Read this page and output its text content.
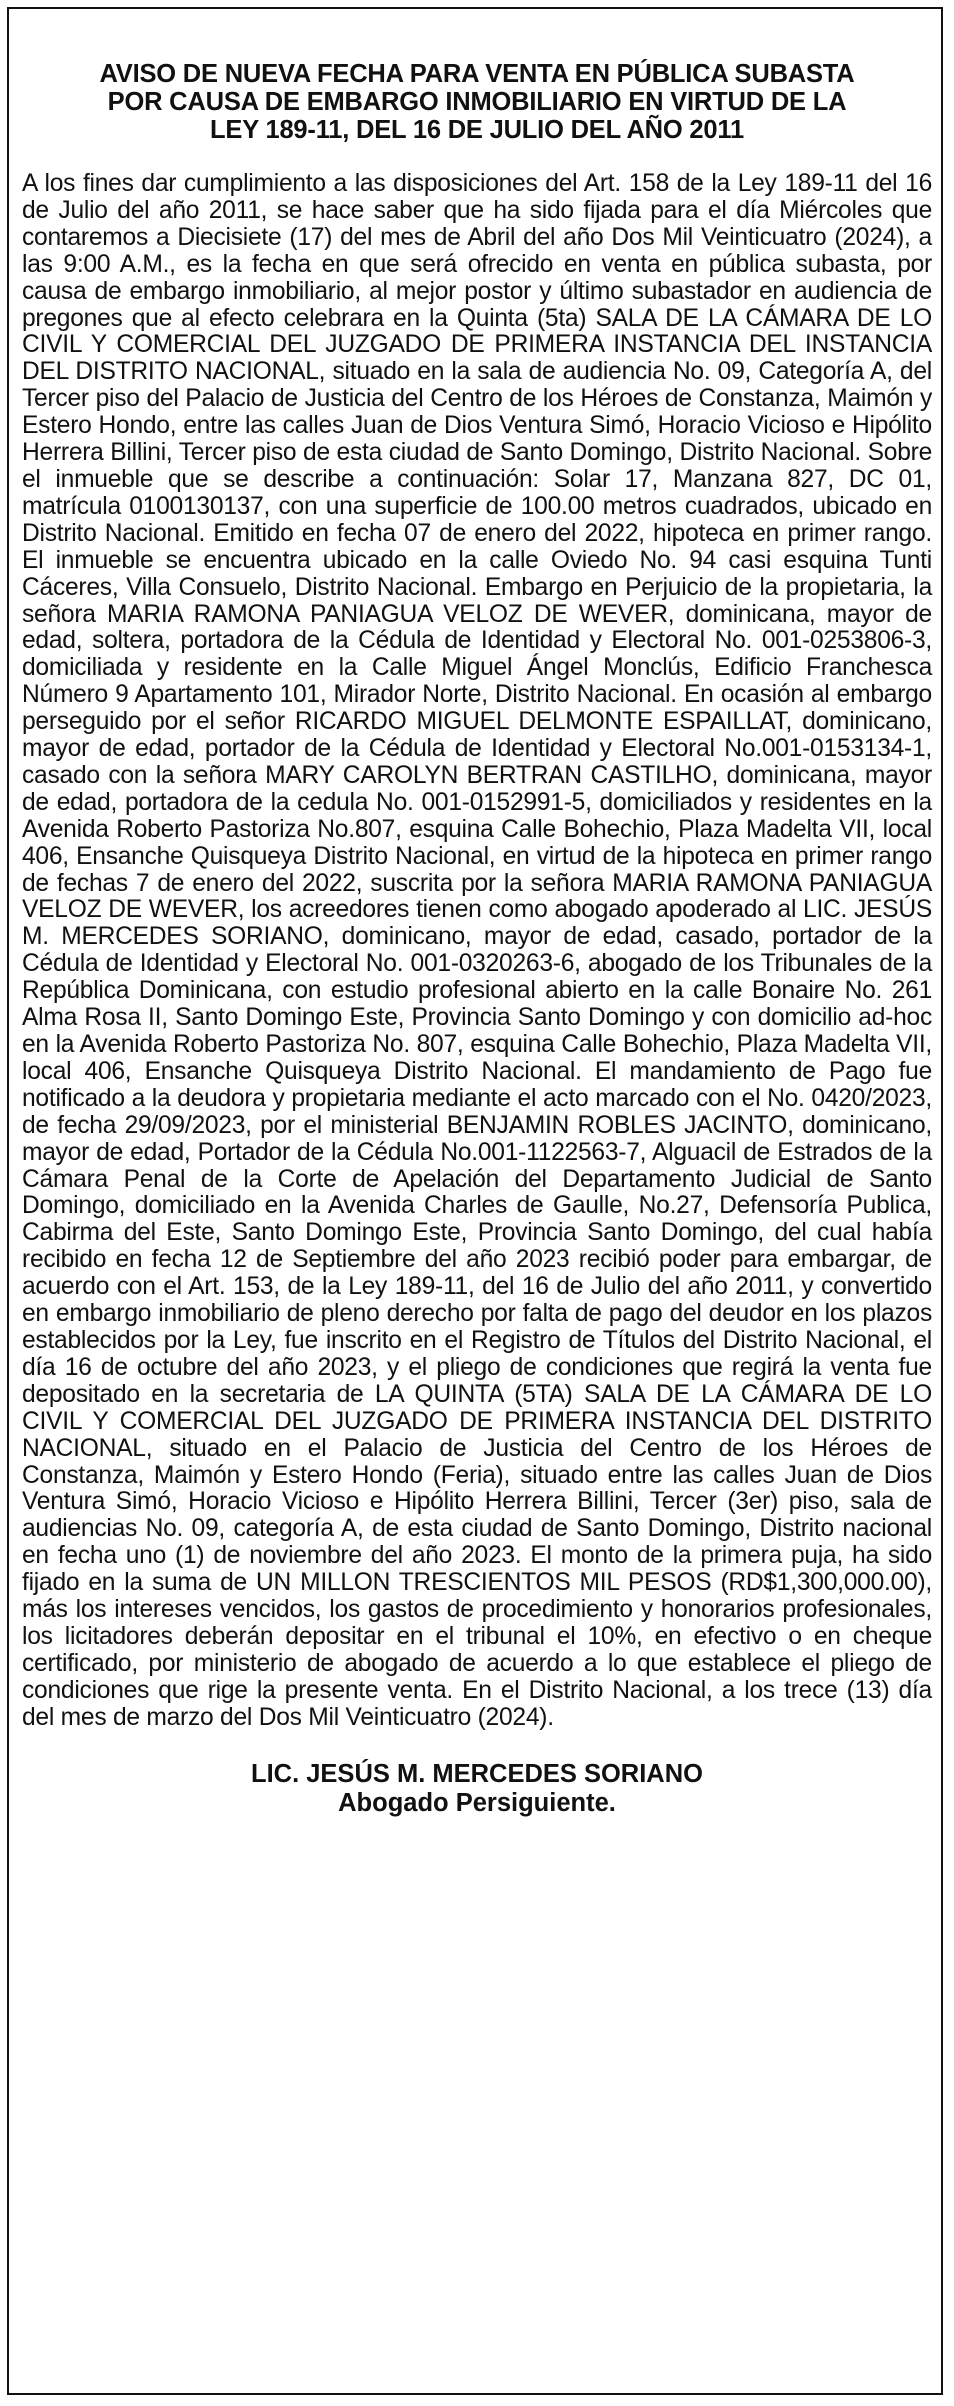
AVISO DE NUEVA FECHA PARA VENTA EN PÚBLICA SUBASTA
POR CAUSA DE EMBARGO INMOBILIARIO EN VIRTUD DE LA
LEY 189-11, DEL 16 DE JULIO DEL AÑO 2011

A los fines dar cumplimiento a las disposiciones del Art. 158 de la Ley 189-11 del 16 de Julio del año 2011, se hace saber que ha sido fijada para el día Miércoles que contaremos a Diecisiete (17) del mes de Abril del año Dos Mil Veinticuatro (2024), a las 9:00 A.M., es la fecha en que será ofrecido en venta en pública subasta, por causa de embargo inmobiliario, al mejor postor y último subastador en audiencia de pregones que al efecto celebrara en la Quinta (5ta) SALA DE LA CÁMARA DE LO CIVIL Y COMERCIAL DEL JUZGADO DE PRIMERA INSTANCIA DEL INSTANCIA DEL DISTRITO NACIONAL, situado en la sala de audiencia No. 09, Categoría A, del Tercer piso del Palacio de Justicia del Centro de los Héroes de Constanza, Maimón y Estero Hondo, entre las calles Juan de Dios Ventura Simó, Horacio Vicioso e Hipólito Herrera Billini, Tercer piso de esta ciudad de Santo Domingo, Distrito Nacional. Sobre el inmueble que se describe a continuación: Solar 17, Manzana 827, DC 01, matrícula 0100130137, con una superficie de 100.00 metros cuadrados, ubicado en Distrito Nacional. Emitido en fecha 07 de enero del 2022, hipoteca en primer rango. El inmueble se encuentra ubicado en la calle Oviedo No. 94 casi esquina Tunti Cáceres, Villa Consuelo, Distrito Nacional. Embargo en Perjuicio de la propietaria, la señora MARIA RAMONA PANIAGUA VELOZ DE WEVER, dominicana, mayor de edad, soltera, portadora de la Cédula de Identidad y Electoral No. 001-0253806-3, domiciliada y residente en la Calle Miguel Ángel Monclús, Edificio Franchesca Número 9 Apartamento 101, Mirador Norte, Distrito Nacional. En ocasión al embargo perseguido por el señor RICARDO MIGUEL DELMONTE ESPAILLAT, dominicano, mayor de edad, portador de la Cédula de Identidad y Electoral No.001-0153134-1, casado con la señora MARY CAROLYN BERTRAN CASTILHO, dominicana, mayor de edad, portadora de la cedula No. 001-0152991-5, domiciliados y residentes en la Avenida Roberto Pastoriza No.807, esquina Calle Bohechio, Plaza Madelta VII, local 406, Ensanche Quisqueya Distrito Nacional, en virtud de la hipoteca en primer rango de fechas 7 de enero del 2022, suscrita por la señora MARIA RAMONA PANIAGUA VELOZ DE WEVER, los acreedores tienen como abogado apoderado al LIC. JESÚS M. MERCEDES SORIANO, dominicano, mayor de edad, casado, portador de la Cédula de Identidad y Electoral No. 001-0320263-6, abogado de los Tribunales de la República Dominicana, con estudio profesional abierto en la calle Bonaire No. 261 Alma Rosa II, Santo Domingo Este, Provincia Santo Domingo y con domicilio ad-hoc en la Avenida Roberto Pastoriza No. 807, esquina Calle Bohechio, Plaza Madelta VII, local 406, Ensanche Quisqueya Distrito Nacional. El mandamiento de Pago fue notificado a la deudora y propietaria mediante el acto marcado con el No. 0420/2023, de fecha 29/09/2023, por el ministerial BENJAMIN ROBLES JACINTO, dominicano, mayor de edad, Portador de la Cédula No.001-1122563-7, Alguacil de Estrados de la Cámara Penal de la Corte de Apelación del Departamento Judicial de Santo Domingo, domiciliado en la Avenida Charles de Gaulle, No.27, Defensoría Publica, Cabirma del Este, Santo Domingo Este, Provincia Santo Domingo, del cual había recibido en fecha 12 de Septiembre del año 2023 recibió poder para embargar, de acuerdo con el Art. 153, de la Ley 189-11, del 16 de Julio del año 2011, y convertido en embargo inmobiliario de pleno derecho por falta de pago del deudor en los plazos establecidos por la Ley, fue inscrito en el Registro de Títulos del Distrito Nacional, el día 16 de octubre del año 2023, y el pliego de condiciones que regirá la venta fue depositado en la secretaria de LA QUINTA (5TA) SALA DE LA CÁMARA DE LO CIVIL Y COMERCIAL DEL JUZGADO DE PRIMERA INSTANCIA DEL DISTRITO NACIONAL, situado en el Palacio de Justicia del Centro de los Héroes de Constanza, Maimón y Estero Hondo (Feria), situado entre las calles Juan de Dios Ventura Simó, Horacio Vicioso e Hipólito Herrera Billini, Tercer (3er) piso, sala de audiencias No. 09, categoría A, de esta ciudad de Santo Domingo, Distrito nacional en fecha uno (1) de noviembre del año 2023. El monto de la primera puja, ha sido fijado en la suma de UN MILLON TRESCIENTOS MIL PESOS (RD$1,300,000.00), más los intereses vencidos, los gastos de procedimiento y honorarios profesionales, los licitadores deberán depositar en el tribunal el 10%, en efectivo o en cheque certificado, por ministerio de abogado de acuerdo a lo que establece el pliego de condiciones que rige la presente venta. En el Distrito Nacional, a los trece (13) día del mes de marzo del Dos Mil Veinticuatro (2024).

LIC. JESÚS M. MERCEDES SORIANO
Abogado Persiguiente.
